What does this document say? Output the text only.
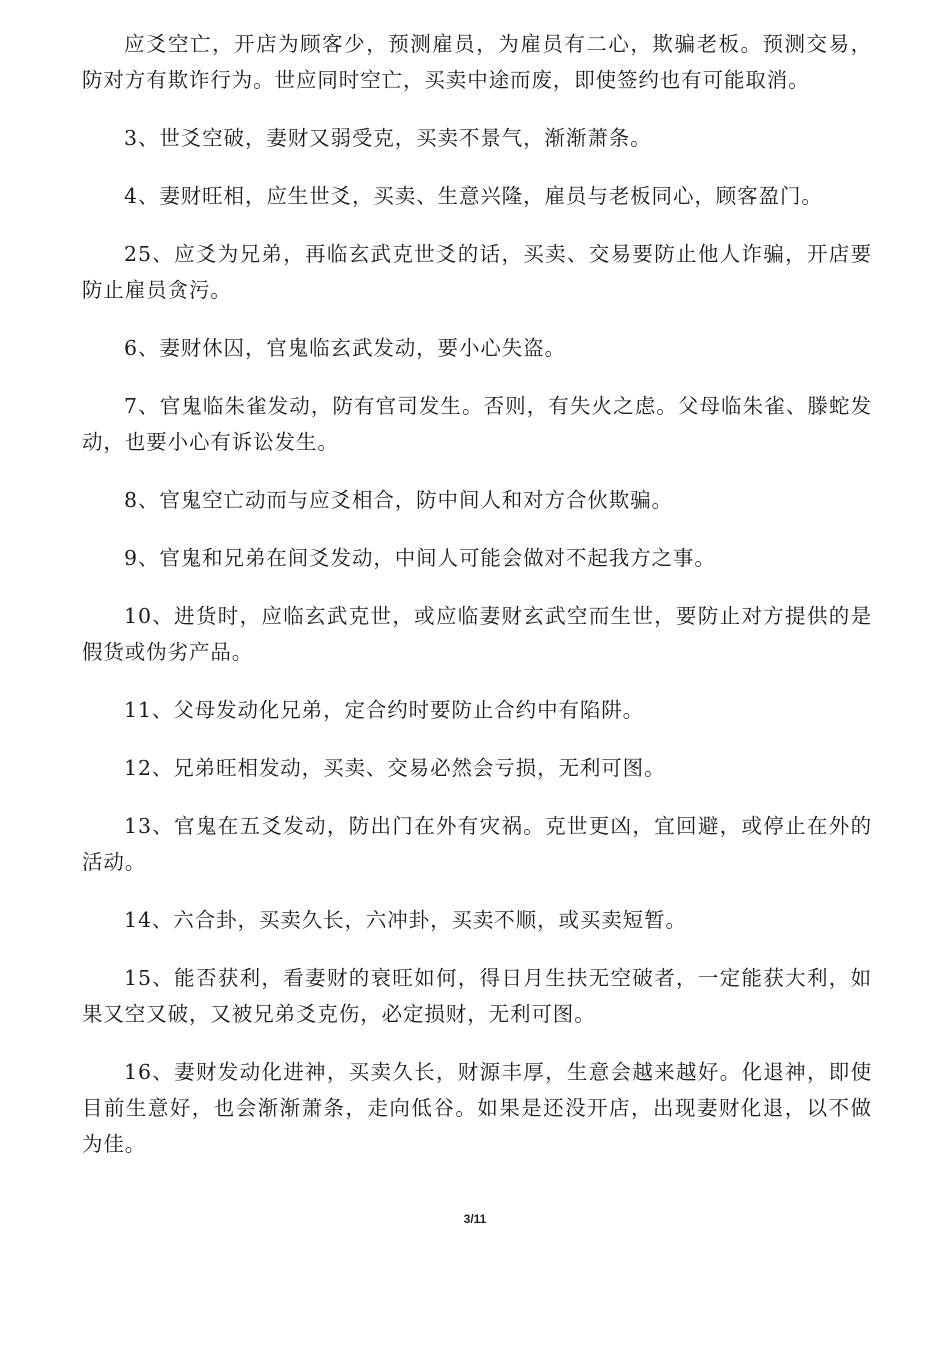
应爻空亡，开店为顾客少，预测雇员，为雇员有二心，欺骗老板。预测交易，防对方有欺诈行为。世应同时空亡，买卖中途而废，即使签约也有可能取消。

3、世爻空破，妻财又弱受克，买卖不景气，渐渐萧条。

4、妻财旺相，应生世爻，买卖、生意兴隆，雇员与老板同心，顾客盈门。

25、应爻为兄弟，再临玄武克世爻的话，买卖、交易要防止他人诈骗，开店要防止雇员贪污。

6、妻财休囚，官鬼临玄武发动，要小心失盗。

7、官鬼临朱雀发动，防有官司发生。否则，有失火之虑。父母临朱雀、滕蛇发动，也要小心有诉讼发生。

8、官鬼空亡动而与应爻相合，防中间人和对方合伙欺骗。

9、官鬼和兄弟在间爻发动，中间人可能会做对不起我方之事。

10、进货时，应临玄武克世，或应临妻财玄武空而生世，要防止对方提供的是假货或伪劣产品。

11、父母发动化兄弟，定合约时要防止合约中有陷阱。

12、兄弟旺相发动，买卖、交易必然会亏损，无利可图。

13、官鬼在五爻发动，防出门在外有灾祸。克世更凶，宜回避，或停止在外的活动。

14、六合卦，买卖久长，六冲卦，买卖不顺，或买卖短暂。

15、能否获利，看妻财的衰旺如何，得日月生扶无空破者，一定能获大利，如果又空又破，又被兄弟爻克伤，必定损财，无利可图。

16、妻财发动化进神，买卖久长，财源丰厚，生意会越来越好。化退神，即使目前生意好，也会渐渐萧条，走向低谷。如果是还没开店，出现妻财化退，以不做为佳。

3/11
